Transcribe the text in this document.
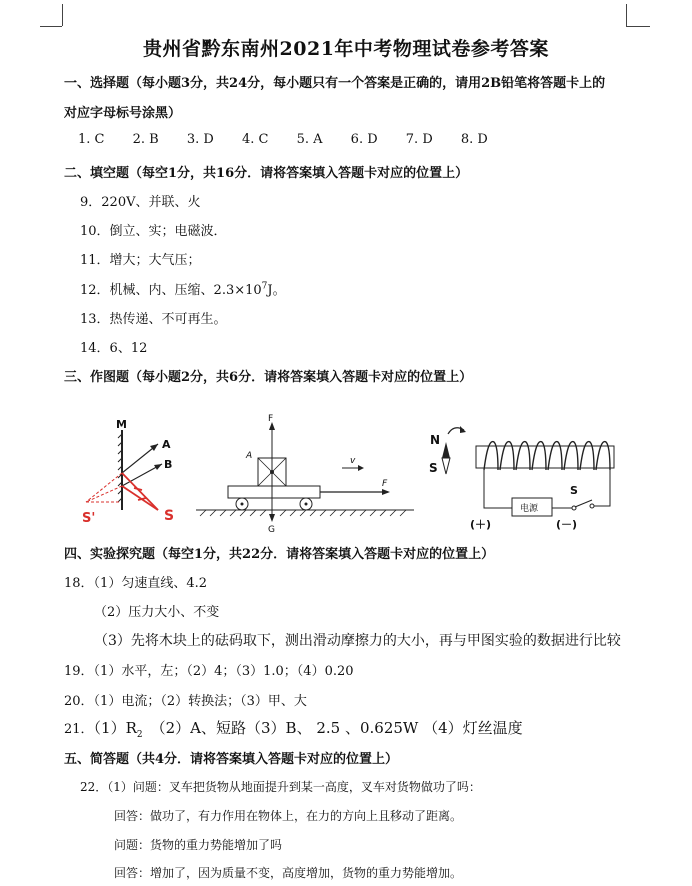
贵州省黔东南州2021年中考物理试卷参考答案
一、选择题（每小题3分，共24分，每小题只有一个答案是正确的，请用2B铅笔将答题卡上的
对应字母标号涂黑）
1. C 2. B 3. D 4. C 5. A 6. D 7. D 8. D
二、填空题（每空1分，共16分．请将答案填入答题卡对应的位置上）
9．220V、并联、火
10．倒立、实；电磁波．
11．增大；大气压；
12．机械、内、压缩、$2.3\times 10^7J$。
13．热传递、不可再生。
14．6、12
三、作图题（每小题2分，共6分．请将答案填入答题卡对应的位置上）
M
A
B
S'	S
F
A	v
F
G
N
S
电源
S
(＋)	(－)
四、实验探究题（每空1分，共22分．请将答案填入答题卡对应的位置上）
18．（1）匀速直线、4.2
（2）压力大小、不变
（3）先将木块上的砝码取下，测出滑动摩擦力的大小，再与甲图实验的数据进行比较
19．（1）水平，左；（2）4；（3）1.0；（4）0.20
20．（1）电流；（2）转换法；（3）甲、大
21．$(1)R_2$ （2）A、短路（3）B、 2.5 、0.625W （4）灯丝温度
五、简答题（共4分．请将答案填入答题卡对应的位置上）
22．（1）问题：叉车把货物从地面提升到某一高度，叉车对货物做功了吗：
回答：做功了，有力作用在物体上，在力的方向上且移动了距离。
问题：货物的重力势能增加了吗
回答：增加了，因为质量不变，高度增加，货物的重力势能增加。
